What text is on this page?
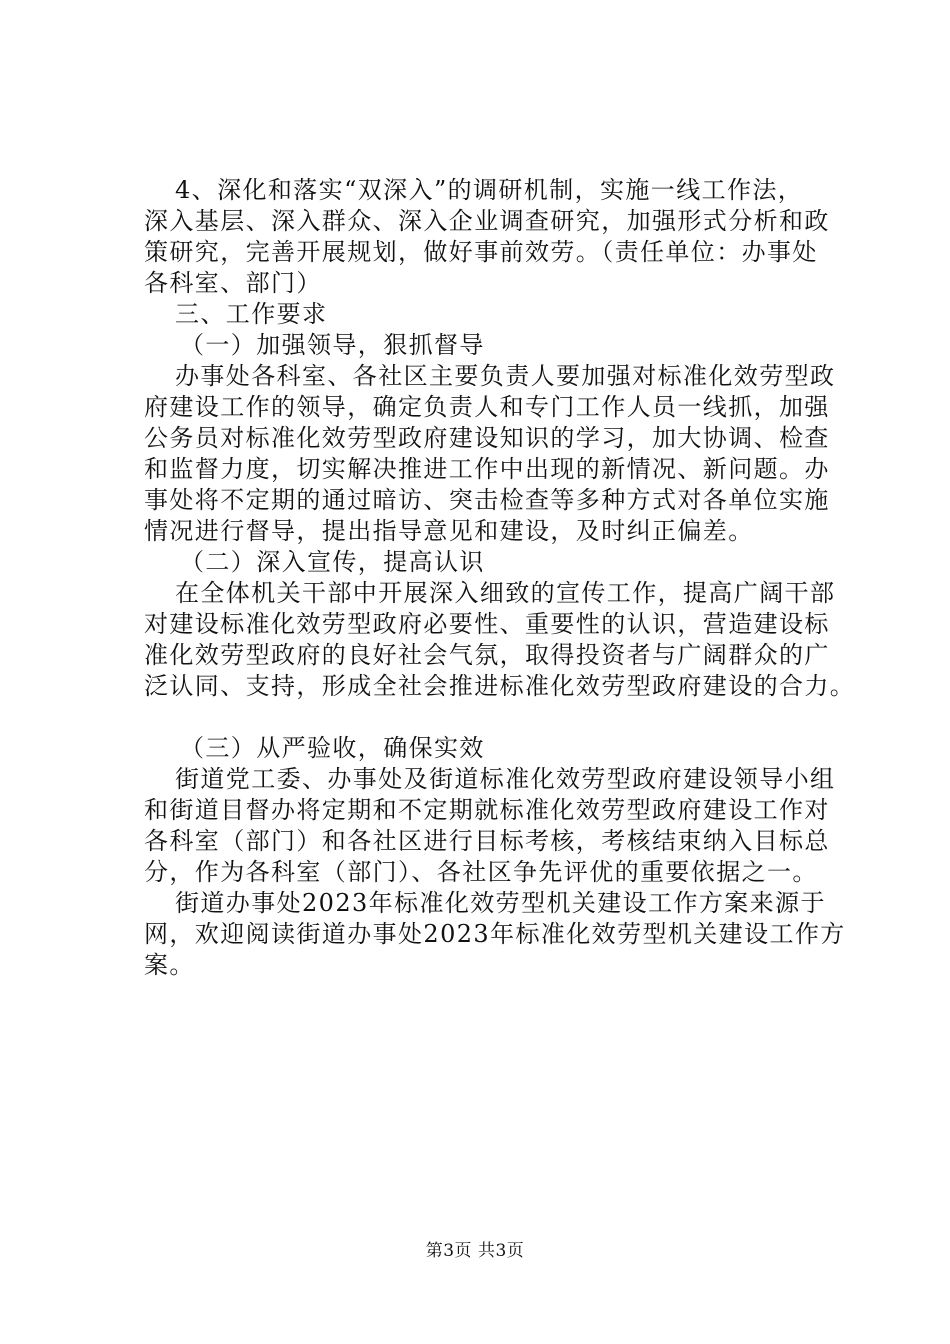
4、深化和落实“双深入”的调研机制，实施一线工作法，
深入基层、深入群众、深入企业调查研究，加强形式分析和政
策研究，完善开展规划，做好事前效劳。（责任单位：办事处
各科室、部门）
三、工作要求
（一）加强领导，狠抓督导
办事处各科室、各社区主要负责人要加强对标准化效劳型政
府建设工作的领导，确定负责人和专门工作人员一线抓，加强
公务员对标准化效劳型政府建设知识的学习，加大协调、检查
和监督力度，切实解决推进工作中出现的新情况、新问题。办
事处将不定期的通过暗访、突击检查等多种方式对各单位实施
情况进行督导，提出指导意见和建设，及时纠正偏差。
（二）深入宣传，提高认识
在全体机关干部中开展深入细致的宣传工作，提高广阔干部
对建设标准化效劳型政府必要性、重要性的认识，营造建设标
准化效劳型政府的良好社会气氛，取得投资者与广阔群众的广
泛认同、支持，形成全社会推进标准化效劳型政府建设的合力。
（三）从严验收，确保实效
街道党工委、办事处及街道标准化效劳型政府建设领导小组
和街道目督办将定期和不定期就标准化效劳型政府建设工作对
各科室（部门）和各社区进行目标考核，考核结束纳入目标总
分，作为各科室（部门）、各社区争先评优的重要依据之一。
街道办事处2023年标准化效劳型机关建设工作方案来源于
网，欢迎阅读街道办事处2023年标准化效劳型机关建设工作方
案。
第3页 共3页
